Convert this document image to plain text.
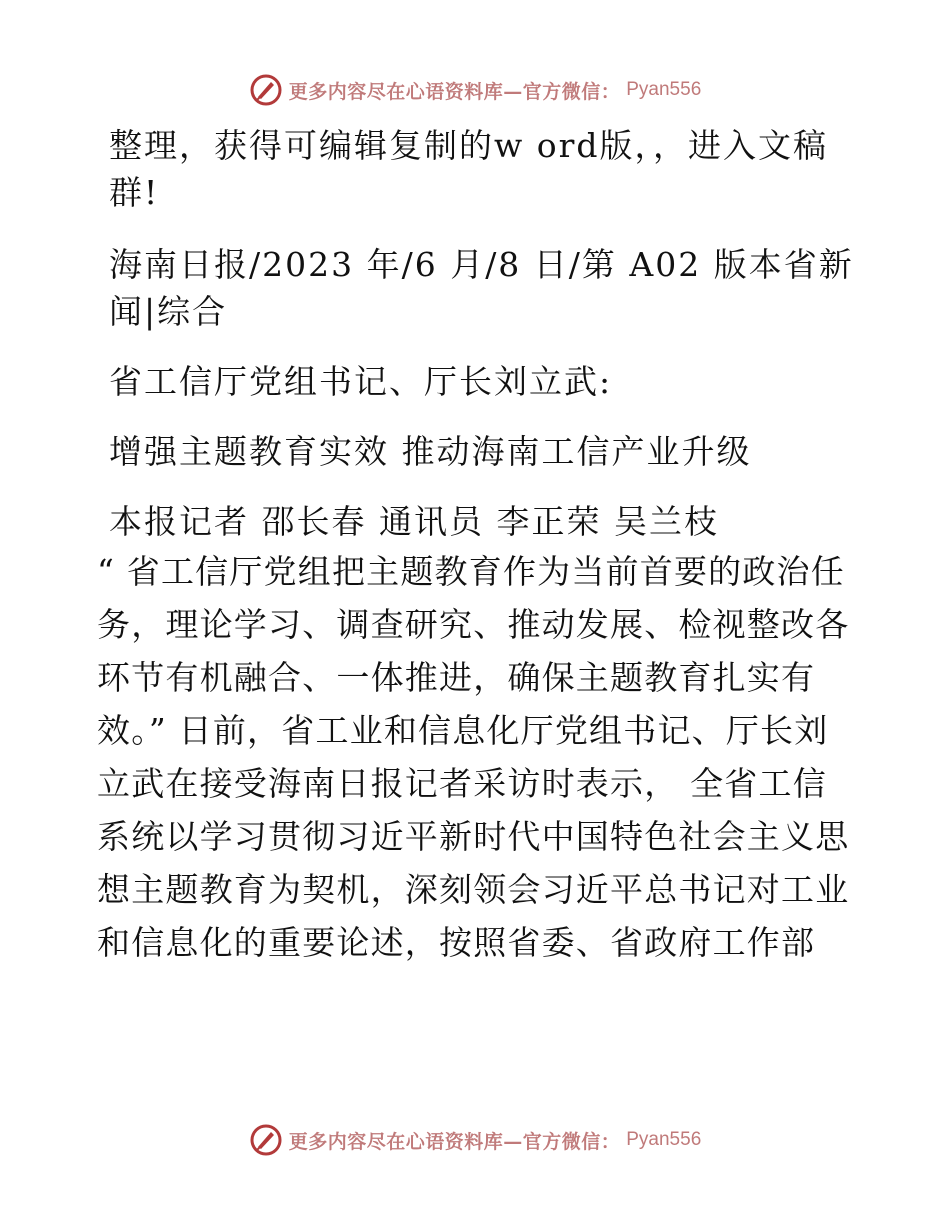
更多内容尽在心语资料库—官方微信： Pyan556

整理，获得可编辑复制的w ord版，，进入文稿群!

海南日报/2023 年/6 月/8 日/第 A02 版本省新闻|综合

省工信厅党组书记、厅长刘立武:

增强主题教育实效 推动海南工信产业升级

本报记者 邵长春 通讯员 李正荣 吴兰枝

“ 省工信厅党组把主题教育作为当前首要的政治任务，理论学习、调查研究、推动发展、检视整改各环节有机融合、一体推进，确保主题教育扎实有效。” 日前，省工业和信息化厅党组书记、厅长刘立武在接受海南日报记者采访时表示， 全省工信系统以学习贯彻习近平新时代中国特色社会主义思想主题教育为契机，深刻领会习近平总书记对工业和信息化的重要论述，按照省委、省政府工作部

更多内容尽在心语资料库—官方微信： Pyan556
